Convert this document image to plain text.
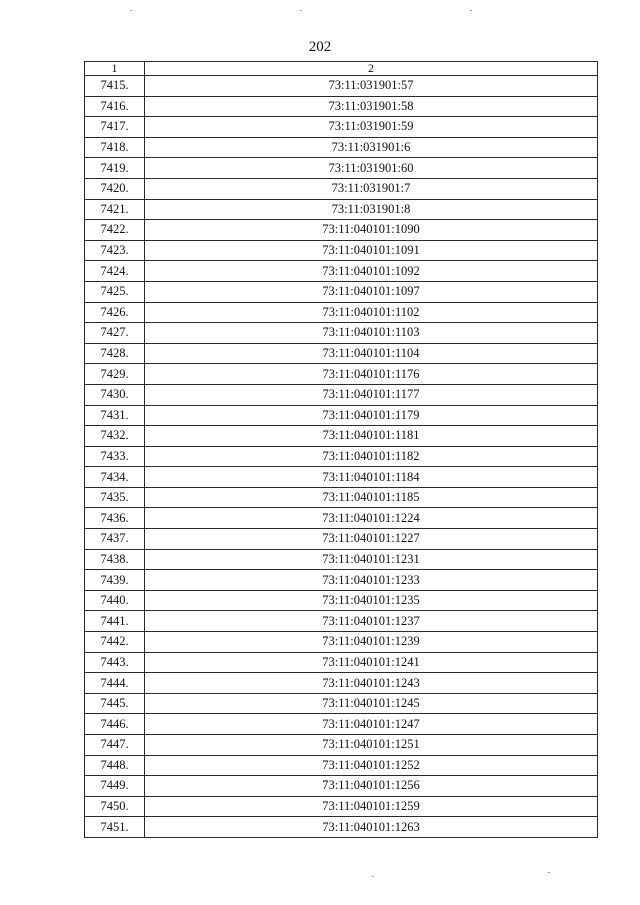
202
1	2
7415.	73:11:031901:57
7416.	73:11:031901:58
7417.	73:11:031901:59
7418.	73:11:031901:6
7419.	73:11:031901:60
7420.	73:11:031901:7
7421.	73:11:031901:8
7422.	73:11:040101:1090
7423.	73:11:040101:1091
7424.	73:11:040101:1092
7425.	73:11:040101:1097
7426.	73:11:040101:1102
7427.	73:11:040101:1103
7428.	73:11:040101:1104
7429.	73:11:040101:1176
7430.	73:11:040101:1177
7431.	73:11:040101:1179
7432.	73:11:040101:1181
7433.	73:11:040101:1182
7434.	73:11:040101:1184
7435.	73:11:040101:1185
7436.	73:11:040101:1224
7437.	73:11:040101:1227
7438.	73:11:040101:1231
7439.	73:11:040101:1233
7440.	73:11:040101:1235
7441.	73:11:040101:1237
7442.	73:11:040101:1239
7443.	73:11:040101:1241
7444.	73:11:040101:1243
7445.	73:11:040101:1245
7446.	73:11:040101:1247
7447.	73:11:040101:1251
7448.	73:11:040101:1252
7449.	73:11:040101:1256
7450.	73:11:040101:1259
7451.	73:11:040101:1263
